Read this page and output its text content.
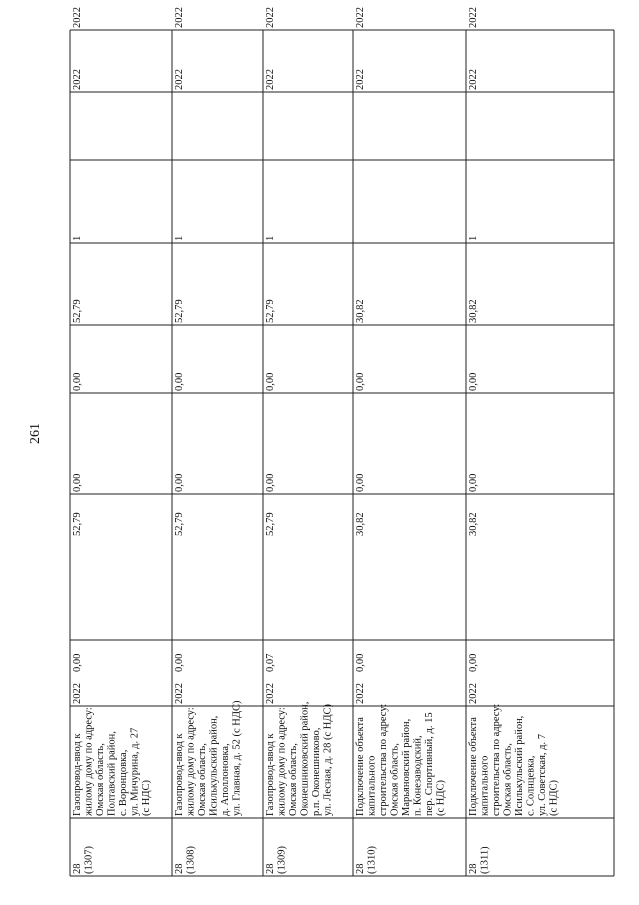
261
28(1307)
Газопровод-ввод кжилому дому по адресу:Омская область,Полтавский район,с. Воронцовка,ул. Мичурина, д. 27(с НДС)
2022
0,00
52,79
0,00
0,00
52,79
1
2022
2022
28(1308)
Газопровод-ввод кжилому дому по адресу:Омская область,Исилькульский район,д. Аполлоновка,ул. Главная, д. 52 (с НДС)
2022
0,00
52,79
0,00
0,00
52,79
1
2022
2022
28(1309)
Газопровод-ввод кжилому дому по адресу:Омская область,Оконешниковский район,р.п. Оконешниково,ул. Лесная, д. 28 (с НДС)
2022
0,07
52,79
0,00
0,00
52,79
1
2022
2022
28(1310)
Подключение объектакапитальногостроительства по адресу:Омская область,Марьяновский район,п. Конезаводский,пер. Спортивный, д. 15(с НДС)
2022
0,00
30,82
0,00
0,00
30,82
2022
2022
28(1311)
Подключение объектакапитальногостроительства по адресу:Омская область,Исилькульский район,с. Солнцевка,ул. Советская, д. 7(с НДС)
2022
0,00
30,82
0,00
0,00
30,82
1
2022
2022
